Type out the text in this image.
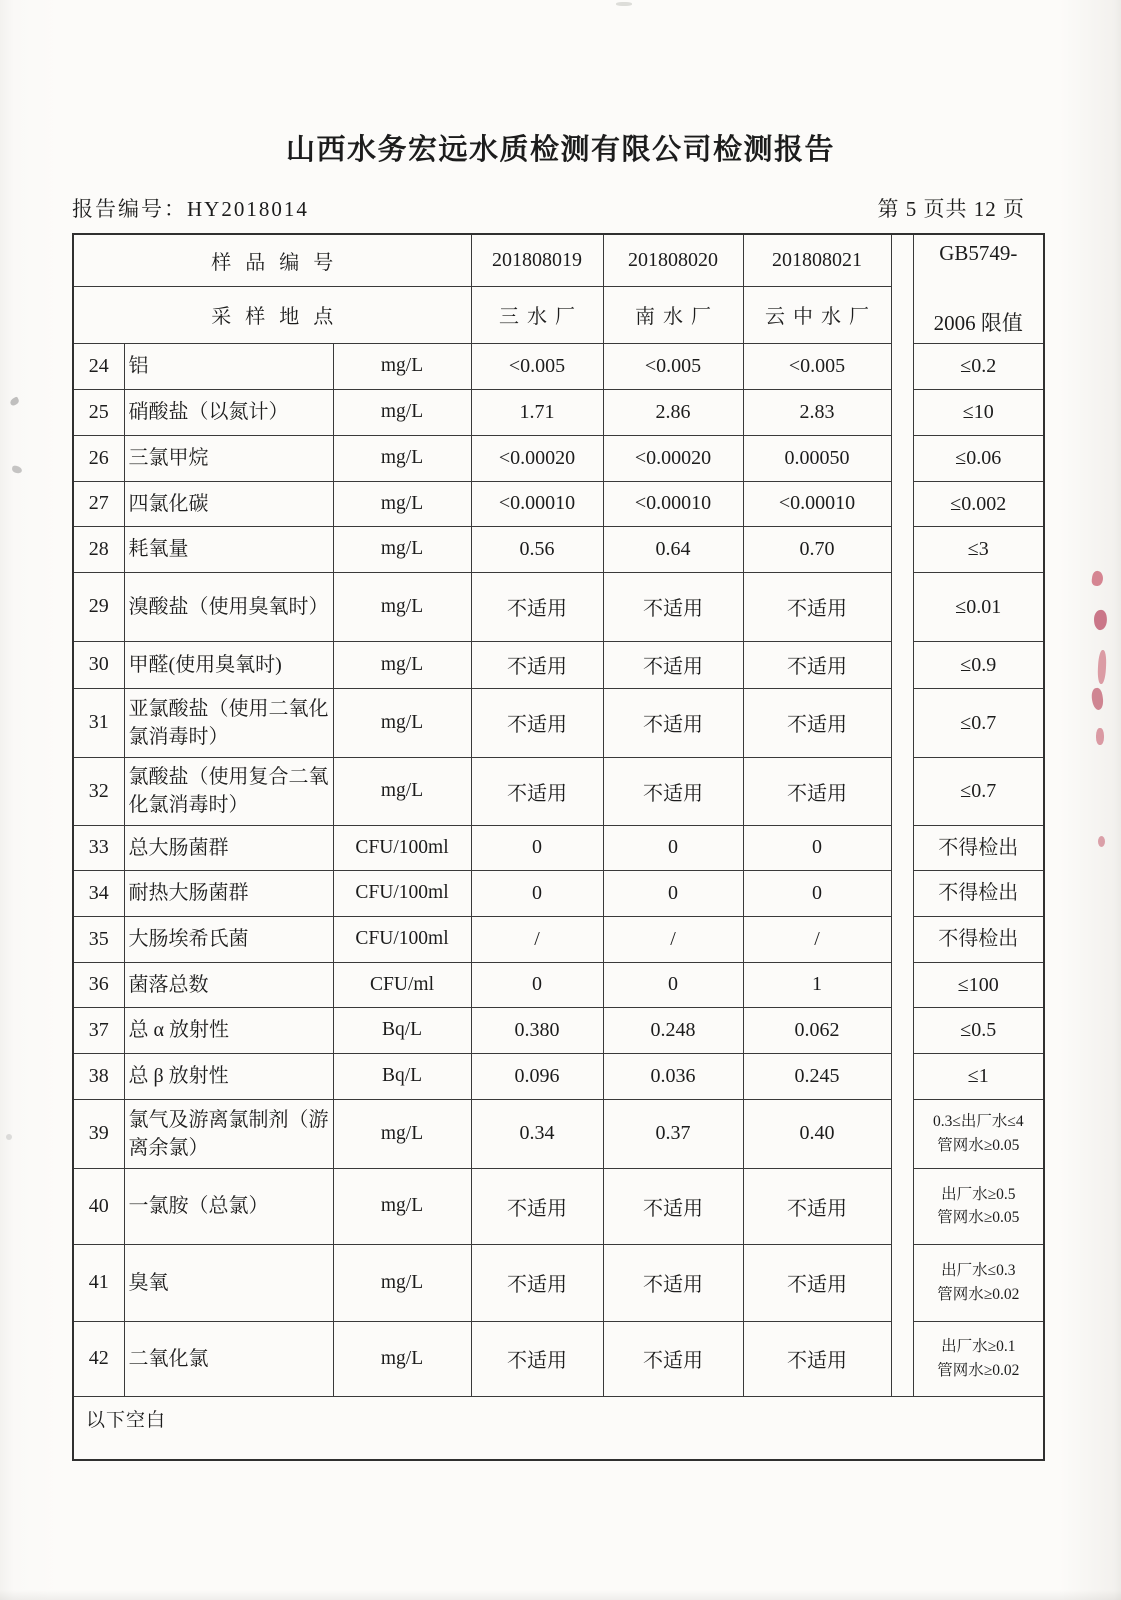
山西水务宏远水质检测有限公司检测报告
报告编号：HY2018014	第 5 页共 12 页
样品编号			201808019	201808020	201808021		GB5749-
2006 限值

采样地点			三水厂	南水厂	云中水厂		
24	铝	mg/L	<0.005	<0.005	<0.005		≤0.2
25	硝酸盐（以氮计）	mg/L	1.71	2.86	2.83		≤10
26	三氯甲烷	mg/L	<0.00020	<0.00020	0.00050		≤0.06
27	四氯化碳	mg/L	<0.00010	<0.00010	<0.00010		≤0.002
28	耗氧量	mg/L	0.56	0.64	0.70		≤3
29	溴酸盐（使用臭氧时）	mg/L	不适用	不适用	不适用		≤0.01
30	甲醛(使用臭氧时)	mg/L	不适用	不适用	不适用		≤0.9
31	亚氯酸盐（使用二氧化氯消毒时）	mg/L	不适用	不适用	不适用		≤0.7
32	氯酸盐（使用复合二氧化氯消毒时）	mg/L	不适用	不适用	不适用		≤0.7
33	总大肠菌群	CFU/100ml	0	0	0		不得检出
34	耐热大肠菌群	CFU/100ml	0	0	0		不得检出
35	大肠埃希氏菌	CFU/100ml	/	/	/		不得检出
36	菌落总数	CFU/ml	0	0	1		≤100
37	总 α 放射性	Bq/L	0.380	0.248	0.062		≤0.5
38	总 β 放射性	Bq/L	0.096	0.036	0.245		≤1
39	氯气及游离氯制剂（游离余氯）	mg/L	0.34	0.37	0.40		0.3≤出厂水≤4
管网水≥0.05
40	一氯胺（总氯）	mg/L	不适用	不适用	不适用		出厂水≥0.5
管网水≥0.05
41	臭氧	mg/L	不适用	不适用	不适用		出厂水≤0.3
管网水≥0.02
42	二氧化氯	mg/L	不适用	不适用	不适用		出厂水≥0.1
管网水≥0.02
以下空白							
